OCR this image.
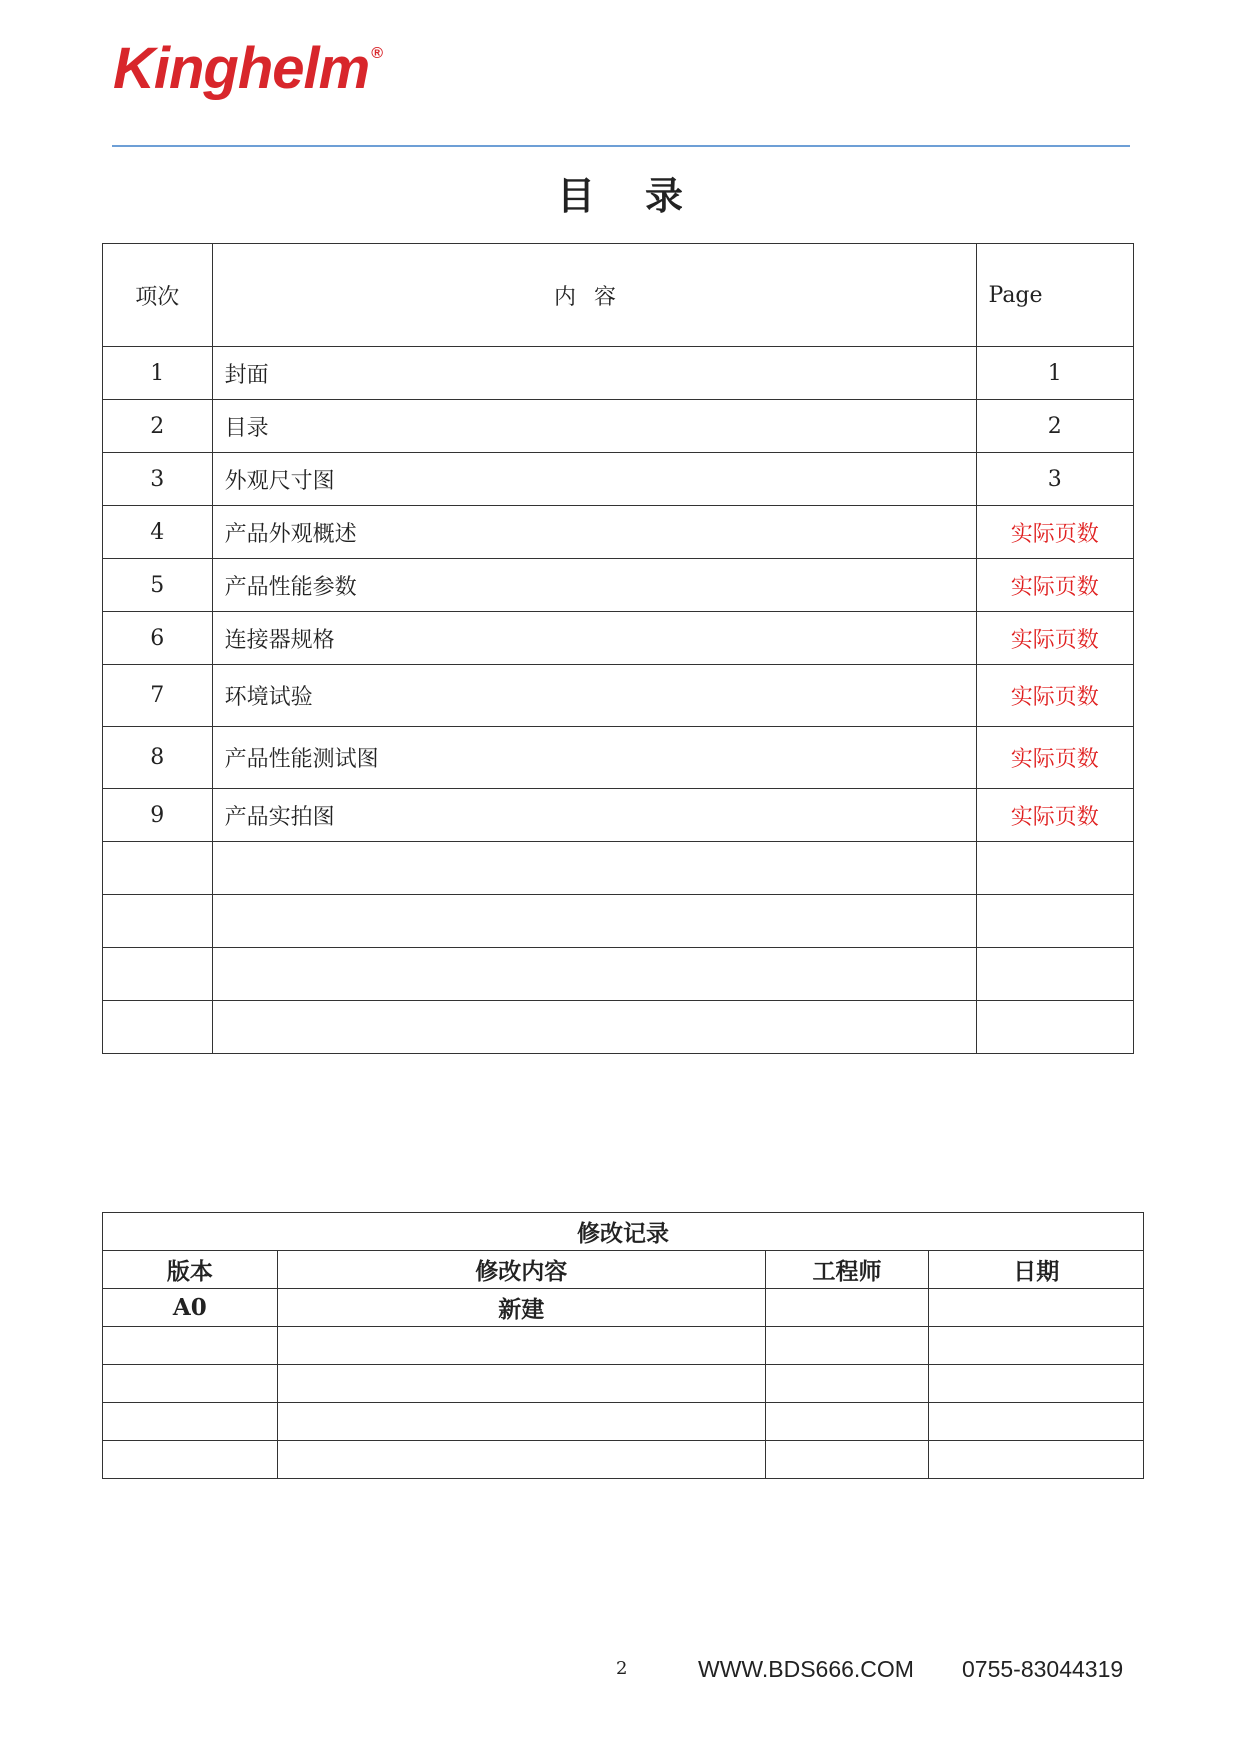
Kinghelm ®
目录
项次	内容	Page
1	封面	1
2	目录	2
3	外观尺寸图	3
4	产品外观概述	实际页数
5	产品性能参数	实际页数
6	连接器规格	实际页数
7	环境试验	实际页数
8	产品性能测试图	实际页数
9	产品实拍图	实际页数

修改记录			
版本	修改内容	工程师	日期
A0	新建		

2	WWW.BDS666.COM 0755-83044319
